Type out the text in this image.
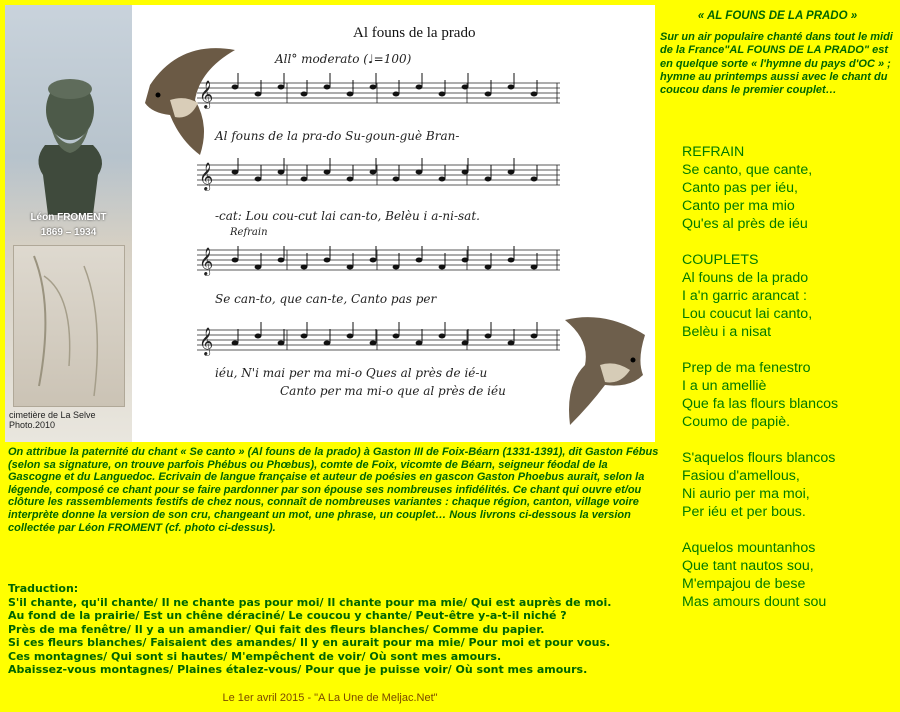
Léon FROMENT
1869 – 1934
cimetière de La Selve
Photo.2010
Al founs de la prado
𝄞
𝄞
𝄞
𝄞
All° moderato (♩=100)
Refrain
Al founs de la pra-do Su-goun-guè Bran-
-cat: Lou cou-cut lai can-to, Belèu i a-ni-sat.
Se can-to, que can-te, Canto pas per
iéu, N'i mai per ma mi-o Ques al près de ié-u
Canto per ma mi-o que al près de iéu
« AL FOUNS DE LA PRADO »
Sur un air populaire chanté dans tout le midi de la France"AL FOUNS DE LA PRADO" est en quelque sorte « l'hymne du pays d'OC » ; hymne au printemps aussi avec le chant du coucou dans le premier couplet…
REFRAIN
Se canto, que cante,
Canto pas per iéu,
Canto per ma mio
Qu'es al près de iéu
COUPLETS
Al founs de la prado
I a'n garric arancat :
Lou coucut lai canto,
Belèu i a nisat
Prep de ma fenestro
I a un amelliè
Que fa las flours blancos
Coumo de papiè.
S'aquelos flours blancos
Fasiou d'amellous,
Ni aurio per ma moi,
Per iéu et per bous.
Aquelos mountanhos
Que tant nautos sou,
M'empajou de bese
Mas amours dount sou
On attribue la paternité du chant « Se canto » (Al founs de la prado) à Gaston III de Foix-Béarn (1331-1391), dit Gaston Fébus (selon sa signature, on trouve parfois Phébus ou Phœbus), comte de Foix, vicomte de Béarn, seigneur féodal de la Gascogne et du Languedoc. Ecrivain de langue française et auteur de poésies en gascon Gaston Phoebus aurait, selon la légende, composé ce chant pour se faire pardonner par son épouse ses nombreuses infidélités. Ce chant qui ouvre et/ou clôture les rassemblements festifs de chez nous, connaît de nombreuses variantes : chaque région, canton, village voire interprète donne la version de son cru, changeant un mot, une phrase, un couplet… Nous livrons ci-dessous la version collectée par Léon FROMENT (cf. photo ci-dessus).
Traduction:
S'il chante, qu'il chante/ Il ne chante pas pour moi/ Il chante pour ma mie/ Qui est auprès de moi.
Au fond de la prairie/ Est un chêne déraciné/ Le coucou y chante/ Peut-être y-a-t-il niché ?
Près de ma fenêtre/ Il y a un amandier/ Qui fait des fleurs blanches/ Comme du papier.
Si ces fleurs blanches/ Faisaient des amandes/ Il y en aurait pour ma mie/ Pour moi et pour vous.
Ces montagnes/ Qui sont si hautes/ M'empêchent de voir/ Où sont mes amours.
Abaissez-vous montagnes/ Plaines étalez-vous/ Pour que je puisse voir/ Où sont mes amours.
Le 1er avril 2015 - "A La Une de Meljac.Net"
